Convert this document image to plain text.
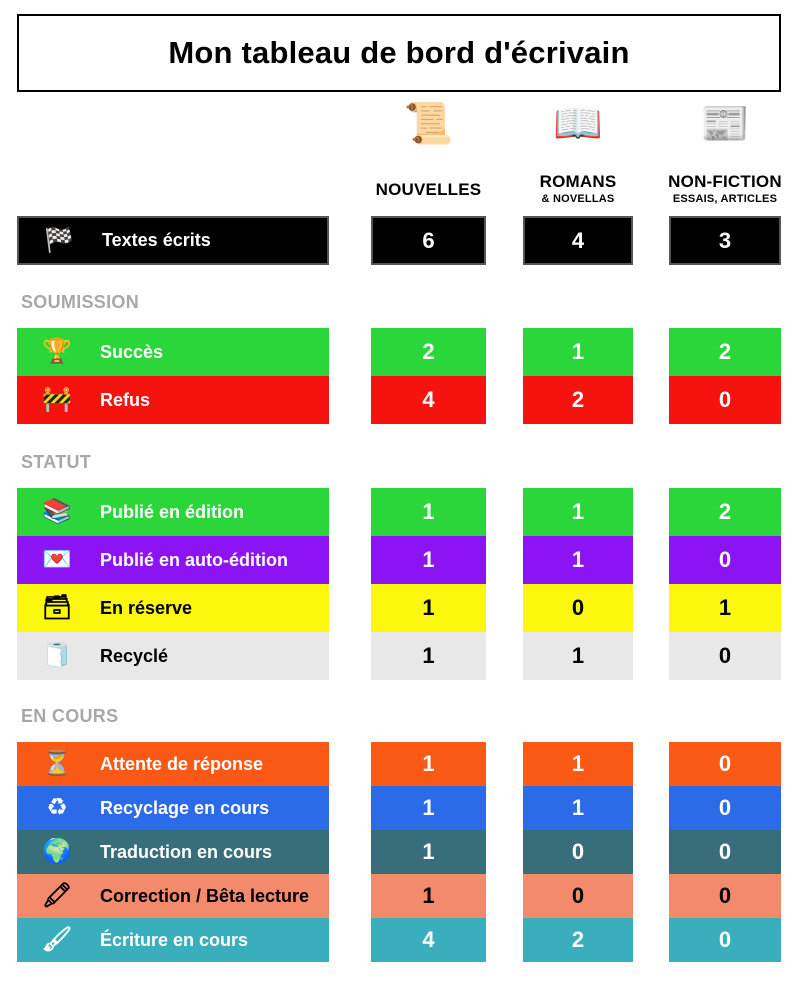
Mon tableau de bord d'écrivain
📜
NOUVELLES
📖
ROMANS
& NOVELLAS
📰
NON-FICTION
ESSAIS, ARTICLES
🏁	Textes écrits	6	4	3
SOUMISSION
🏆	Succès	2	1	2
🚧	Refus	4	2	0
STATUT
📚	Publié en édition	1	1	2
💌	Publié en auto-édition	1	1	0
🗃	En réserve	1	0	1
🧻	Recyclé	1	1	0
EN COURS
⏳	Attente de réponse	1	1	0
♻	Recyclage en cours	1	1	0
🌍	Traduction en cours	1	0	0
🖍	Correction / Bêta lecture	1	0	0
🖌	Écriture en cours	4	2	0
